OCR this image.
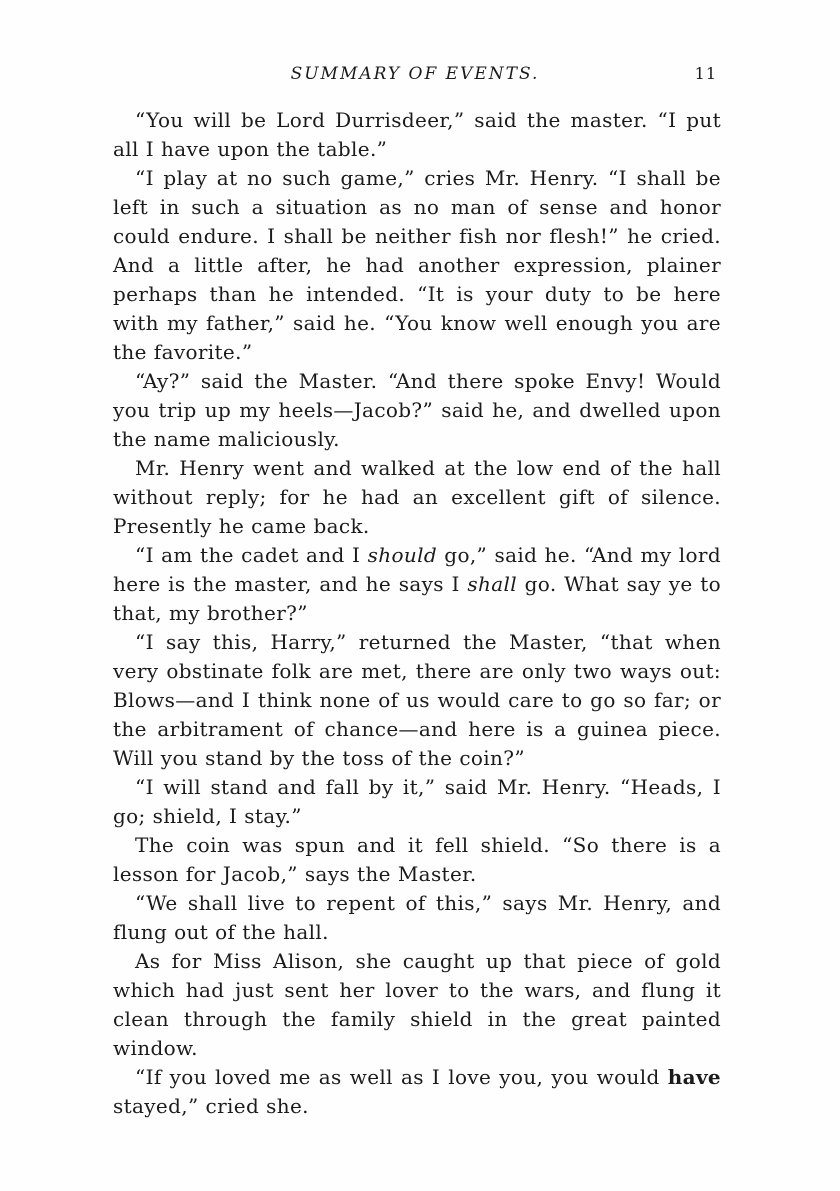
SUMMARY OF EVENTS.	11

“You will be Lord Durrisdeer,” said the master. “I put all I have upon the table.”

“I play at no such game,” cries Mr. Henry. “I shall be left in such a situation as no man of sense and honor could endure. I shall be neither fish nor flesh!” he cried. And a little after, he had another expression, plainer perhaps than he intended. “It is your duty to be here with my father,” said he. “You know well enough you are the favorite.”

“Ay?” said the Master. “And there spoke Envy! Would you trip up my heels—Jacob?” said he, and dwelled upon the name maliciously.

Mr. Henry went and walked at the low end of the hall without reply; for he had an excellent gift of silence. Presently he came back.

“I am the cadet and I should go,” said he. “And my lord here is the master, and he says I shall go. What say ye to that, my brother?”

“I say this, Harry,” returned the Master, “that when very obstinate folk are met, there are only two ways out: Blows—and I think none of us would care to go so far; or the arbitrament of chance—and here is a guinea piece. Will you stand by the toss of the coin?”

“I will stand and fall by it,” said Mr. Henry. “Heads, I go; shield, I stay.”

The coin was spun and it fell shield. “So there is a lesson for Jacob,” says the Master.

“We shall live to repent of this,” says Mr. Henry, and flung out of the hall.

As for Miss Alison, she caught up that piece of gold which had just sent her lover to the wars, and flung it clean through the family shield in the great painted window.

“If you loved me as well as I love you, you would have stayed,” cried she.
